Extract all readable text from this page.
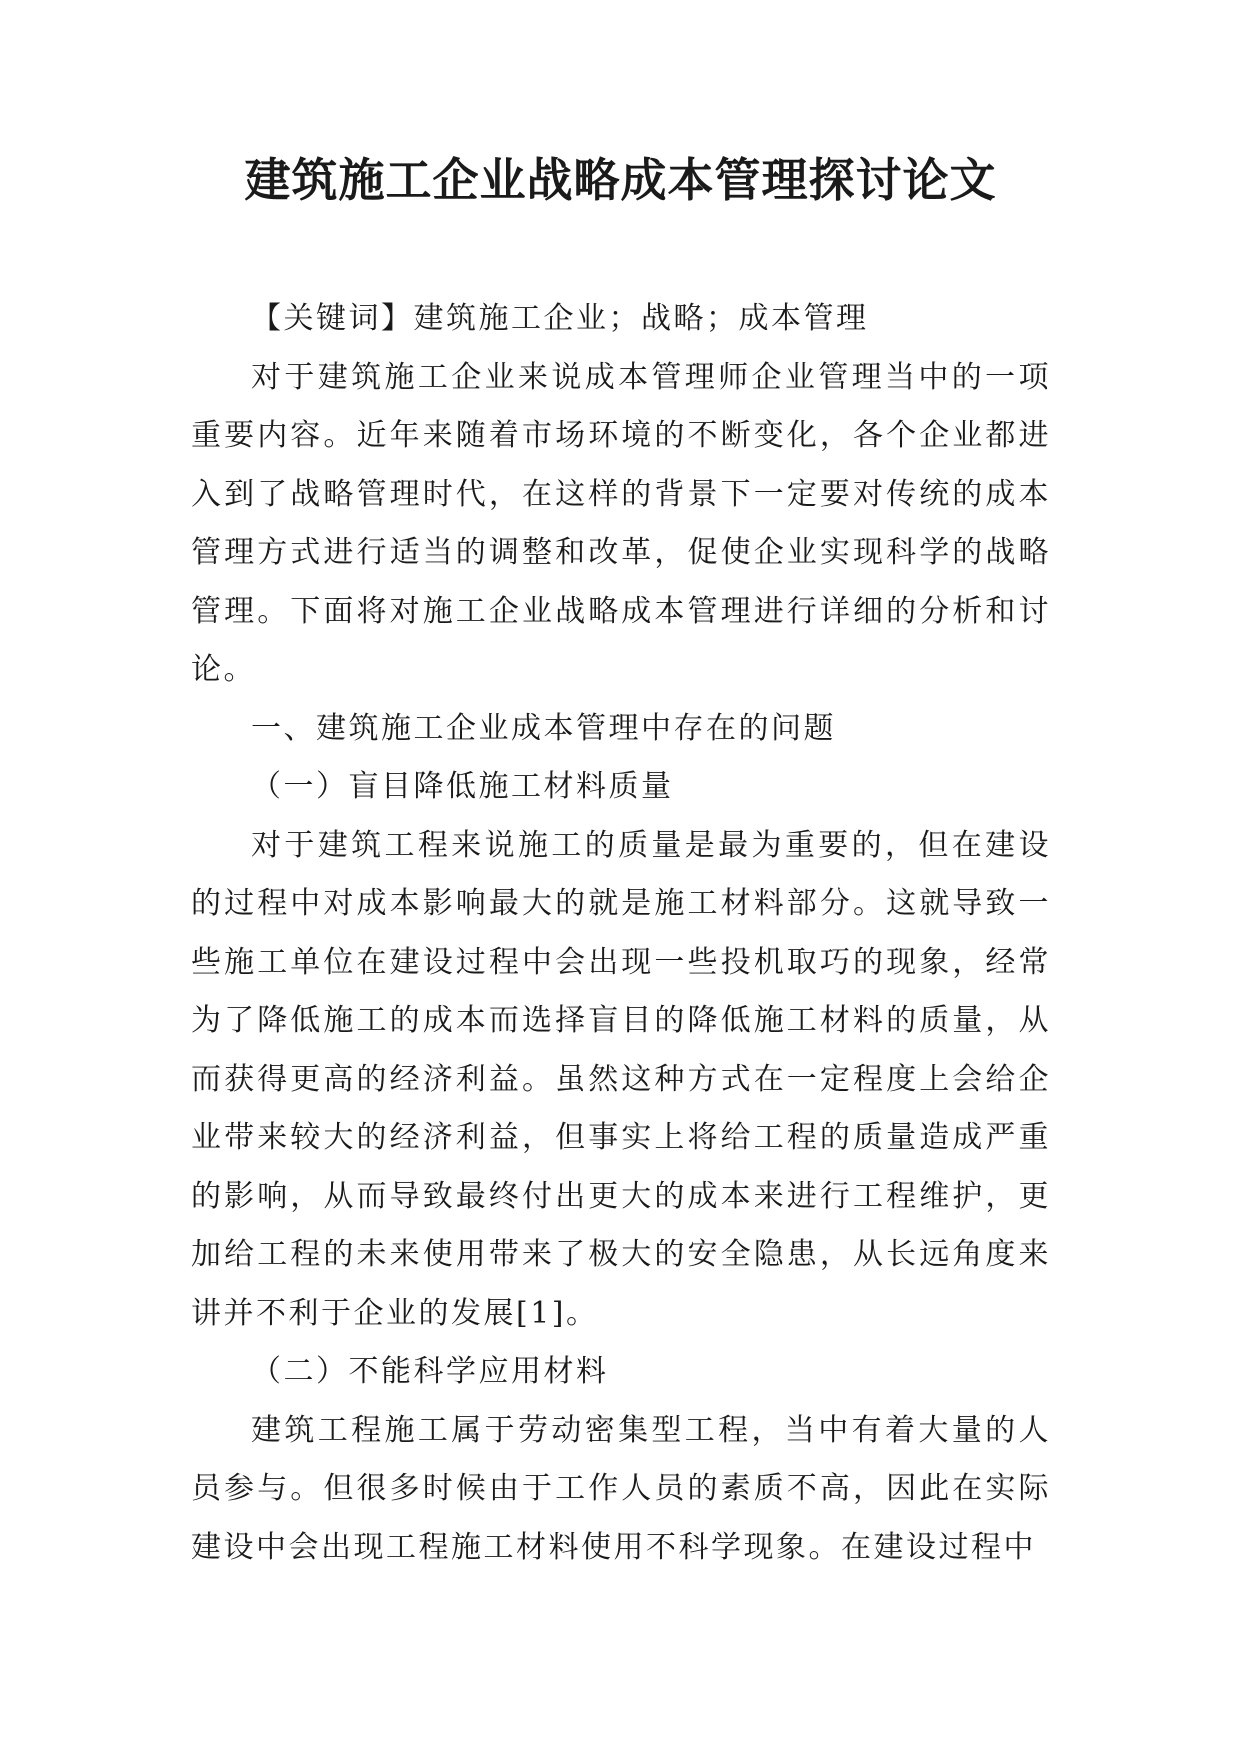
建筑施工企业战略成本管理探讨论文

【关键词】建筑施工企业；战略；成本管理

对于建筑施工企业来说成本管理师企业管理当中的一项重要内容。近年来随着市场环境的不断变化，各个企业都进入到了战略管理时代，在这样的背景下一定要对传统的成本管理方式进行适当的调整和改革，促使企业实现科学的战略管理。下面将对施工企业战略成本管理进行详细的分析和讨论。

一、建筑施工企业成本管理中存在的问题

（一）盲目降低施工材料质量

对于建筑工程来说施工的质量是最为重要的，但在建设的过程中对成本影响最大的就是施工材料部分。这就导致一些施工单位在建设过程中会出现一些投机取巧的现象，经常为了降低施工的成本而选择盲目的降低施工材料的质量，从而获得更高的经济利益。虽然这种方式在一定程度上会给企业带来较大的经济利益，但事实上将给工程的质量造成严重的影响，从而导致最终付出更大的成本来进行工程维护，更加给工程的未来使用带来了极大的安全隐患，从长远角度来讲并不利于企业的发展[1]。

（二）不能科学应用材料

建筑工程施工属于劳动密集型工程，当中有着大量的人员参与。但很多时候由于工作人员的素质不高，因此在实际建设中会出现工程施工材料使用不科学现象。在建设过程中
